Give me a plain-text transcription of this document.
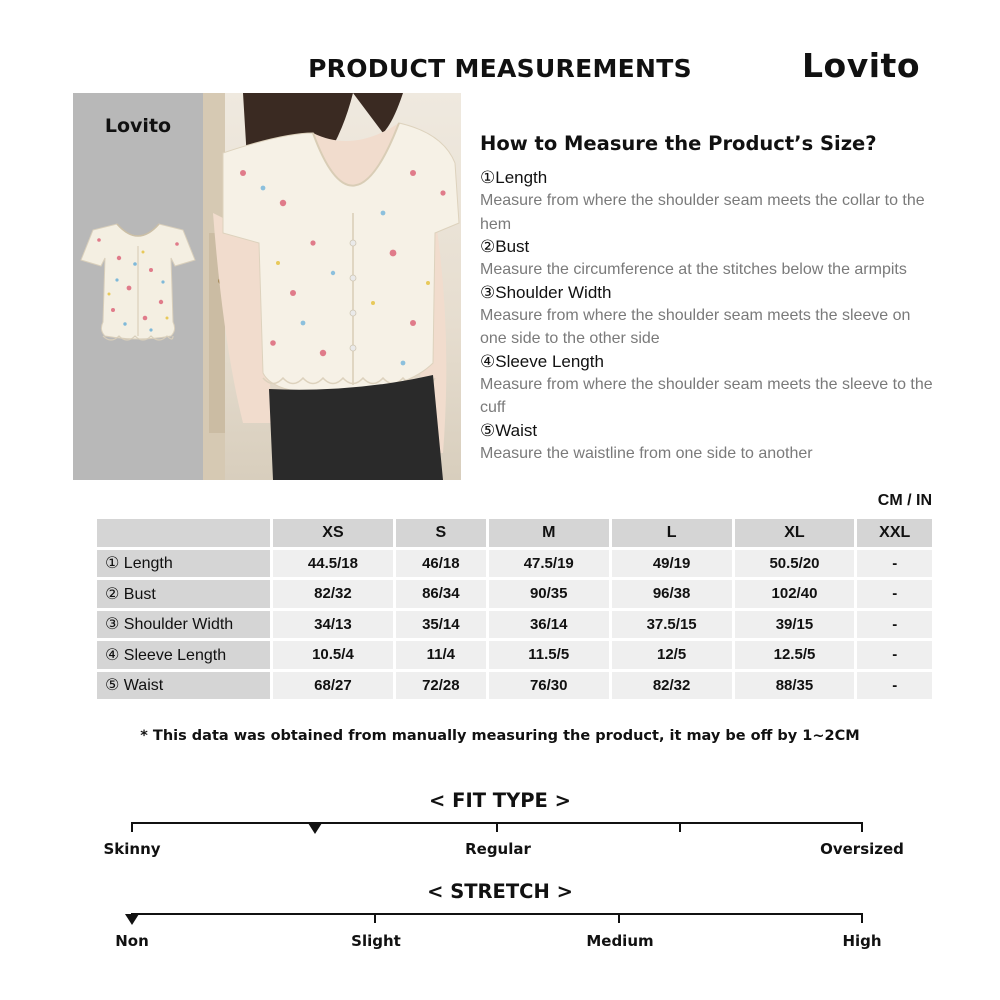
PRODUCT MEASUREMENTS	Lovito
Lovito
How to Measure the Product’s Size?
①Length
Measure from where the shoulder seam meets the collar to the hem
②Bust
Measure the circumference at the stitches below the armpits
③Shoulder Width
Measure from where the shoulder seam meets the sleeve on one side to the other side
④Sleeve Length
Measure from where the shoulder seam meets the sleeve to the cuff
⑤Waist
Measure the waistline from one side to another
CM / IN
	XS	S	M	L	XL	XXL
① Length	44.5/18	46/18	47.5/19	49/19	50.5/20	-
② Bust	82/32	86/34	90/35	96/38	102/40	-
③ Shoulder Width	34/13	35/14	36/14	37.5/15	39/15	-
④ Sleeve Length	10.5/4	11/4	11.5/5	12/5	12.5/5	-
⑤ Waist	68/27	72/28	76/30	82/32	88/35	-
* This data was obtained from manually measuring the product, it may be off by 1~2CM
< FIT TYPE >
Skinny	Regular	Oversized
< STRETCH >
Non	Slight	Medium	High
